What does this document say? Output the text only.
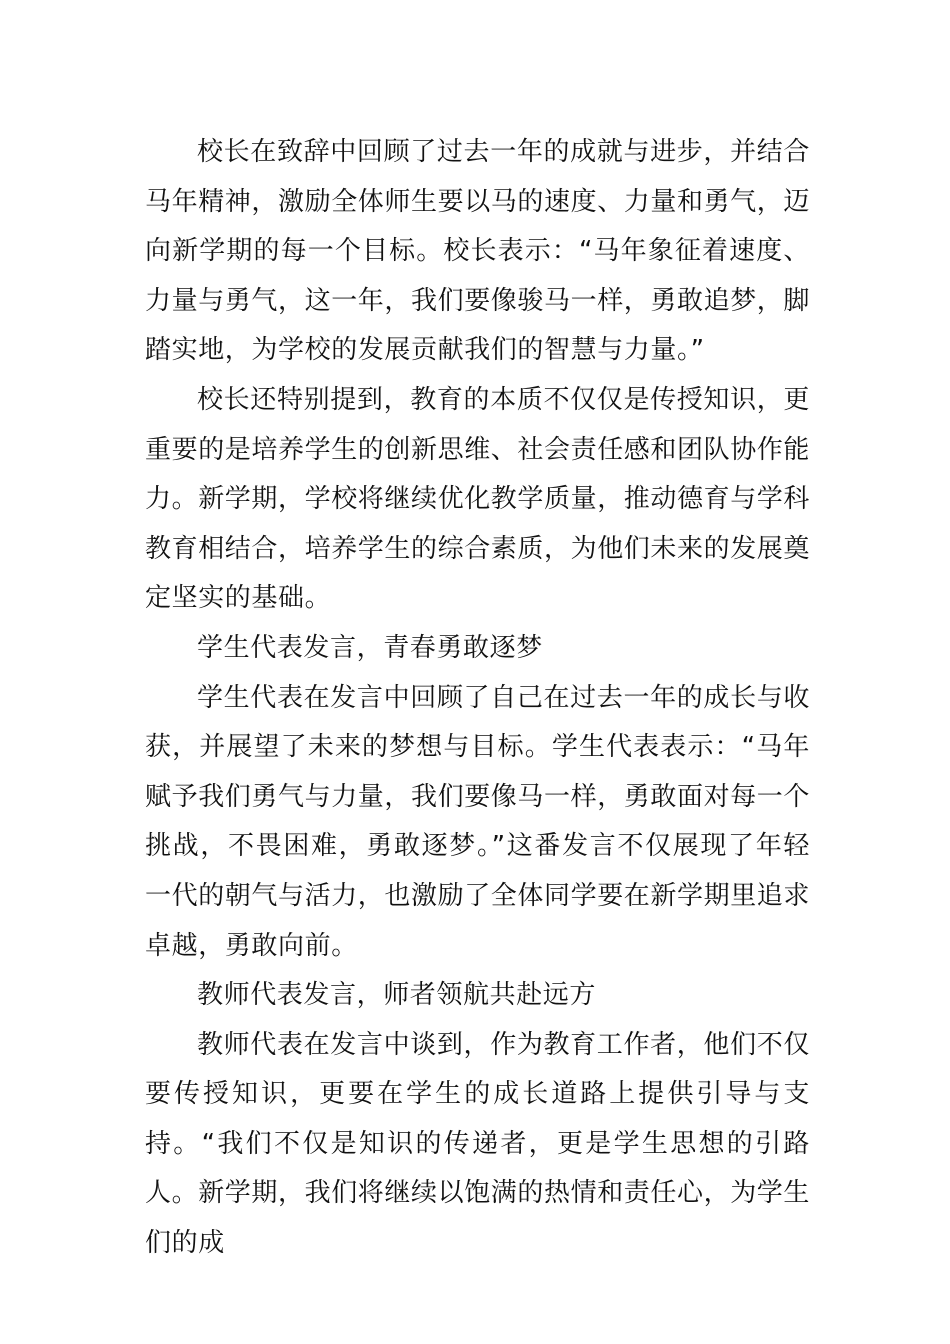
校长在致辞中回顾了过去一年的成就与进步，并结合马年精神，激励全体师生要以马的速度、力量和勇气，迈向新学期的每一个目标。校长表示：“马年象征着速度、力量与勇气，这一年，我们要像骏马一样，勇敢追梦，脚踏实地，为学校的发展贡献我们的智慧与力量。”

校长还特别提到，教育的本质不仅仅是传授知识，更重要的是培养学生的创新思维、社会责任感和团队协作能力。新学期，学校将继续优化教学质量，推动德育与学科教育相结合，培养学生的综合素质，为他们未来的发展奠定坚实的基础。

学生代表发言，青春勇敢逐梦

学生代表在发言中回顾了自己在过去一年的成长与收获，并展望了未来的梦想与目标。学生代表表示：“马年赋予我们勇气与力量，我们要像马一样，勇敢面对每一个挑战，不畏困难，勇敢逐梦。”这番发言不仅展现了年轻一代的朝气与活力，也激励了全体同学要在新学期里追求卓越，勇敢向前。

教师代表发言，师者领航共赴远方

教师代表在发言中谈到，作为教育工作者，他们不仅要传授知识，更要在学生的成长道路上提供引导与支持。“我们不仅是知识的传递者，更是学生思想的引路人。新学期，我们将继续以饱满的热情和责任心，为学生们的成
